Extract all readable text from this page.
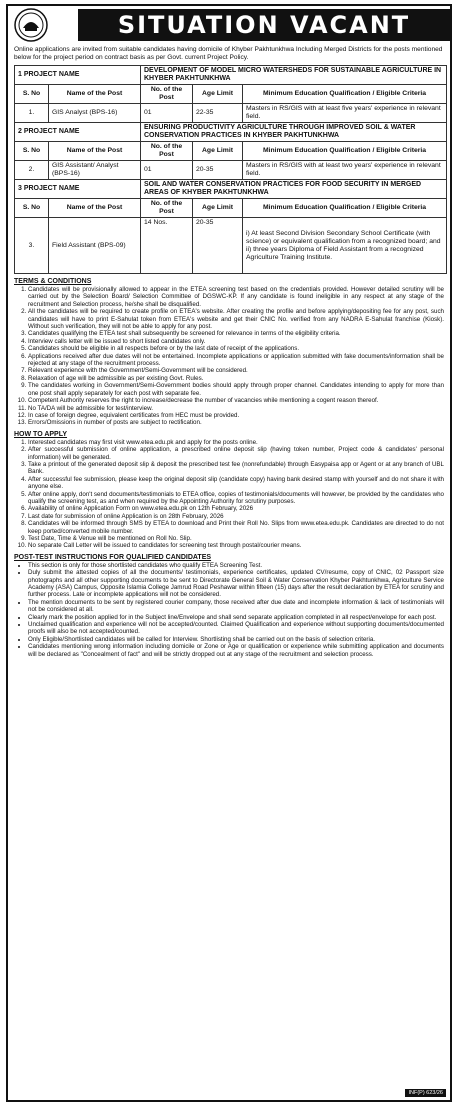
SITUATION VACANT
Online applications are invited from suitable candidates having domicile of Khyber Pakhtunkhwa Including Merged Districts for the posts mentioned below for the project period on contract basis as per Govt. current Project Policy.
1 PROJECT NAME		DEVELOPMENT OF MODEL MICRO WATERSHEDS FOR SUSTAINABLE AGRICULTURE IN KHYBER PAKHTUNKHWA		
S. No	Name of the Post	No. of the Post	Age Limit	Minimum Education Qualification / Eligible Criteria
1.	GIS Analyst (BPS-16)	01	22-35	Masters in RS/GIS with at least five years' experience in relevant field.
2 PROJECT NAME		ENSURING PRODUCTIVITY AGRICULTURE THROUGH IMPROVED SOIL & WATER CONSERVATION PRACTICES IN KHYBER PAKHTUNKHWA		
S. No	Name of the Post	No. of the Post	Age Limit	Minimum Education Qualification / Eligible Criteria
2.	GIS Assistant/ Analyst (BPS-16)	01	20-35	Masters in RS/GIS with at least two years' experience in relevant field.
3 PROJECT NAME		SOIL AND WATER CONSERVATION PRACTICES FOR FOOD SECURITY IN MERGED AREAS OF KHYBER PAKHTUNKHWA		
S. No	Name of the Post	No. of the Post	Age Limit	Minimum Education Qualification / Eligible Criteria
3.	Field Assistant (BPS-09)	14 Nos.	20-35	i) At least Second Division Secondary School Certificate (with science) or equivalent qualification from a recognized board; and
ii) three years Diploma of Field Assistant from a recognized Agriculture Training Institute.
TERMS & CONDITIONS
1. Candidates will be provisionally allowed to appear in the ETEA screening test based on the credentials provided. However detailed scrutiny will be carried out by the Selection Board/ Selection Committee of DGSWC-KP. If any candidate is found ineligible in any respect at any stage of the recruitment and Selection process, he/she shall be disqualified.
2. All the candidates will be required to create profile on ETEA's website. After creating the profile and before applying/depositing fee for any post, such candidates will have to print E-Sahulat token from ETEA's website and get their CNIC No. verified from any NADRA E-Sahulat franchise (Kiosk). Without such verification, they will not be able to apply for any post.
3. Candidates qualifying the ETEA test shall subsequently be screened for relevance in terms of the eligibility criteria.
4. Interview calls letter will be issued to short listed candidates only.
5. Candidates should be eligible in all respects before or by the last date of receipt of the applications.
6. Applications received after due dates will not be entertained. Incomplete applications or application submitted with fake documents/information shall be rejected at any stage of the recruitment process.
7. Relevant experience with the Government/Semi-Government will be considered.
8. Relaxation of age will be admissible as per existing Govt. Rules.
9. The candidates working in Government/Semi-Government bodies should apply through proper channel. Candidates intending to apply for more than one post shall apply separately for each post with separate fee.
10. Competent Authority reserves the right to increase/decrease the number of vacancies while mentioning a cogent reason thereof.
11. No TA/DA will be admissible for test/interview.
12. In case of foreign degree, equivalent certificates from HEC must be provided.
13. Errors/Omissions in number of posts are subject to rectification.
HOW TO APPLY
1. Interested candidates may first visit www.etea.edu.pk and apply for the posts online.
2. After successful submission of online application, a prescribed online deposit slip (having token number, Project code & candidates' personal information) will be generated.
3. Take a printout of the generated deposit slip & deposit the prescribed test fee (nonrefundable) through Easypaisa app or Agent or at any branch of UBL Bank.
4. After successful fee submission, please keep the original deposit slip (candidate copy) having bank desired stamp with yourself and do not share it with anyone else.
5. After online apply, don't send documents/testimonials to ETEA office, copies of testimonials/documents will however, be provided by the candidates who qualify the screening test, as and when required by the Appointing Authority for scrutiny purposes.
6. Availability of online Application Form on www.etea.edu.pk on 12th February, 2026
7. Last date for submission of online Application is on 28th February, 2026
8. Candidates will be informed through SMS by ETEA to download and Print their Roll No. Slips from www.etea.edu.pk. Candidates are directed to do not keep ported/converted mobile number.
9. Test Date, Time & Venue will be mentioned on Roll No. Slip.
10. No separate Call Letter will be issued to candidates for screening test through postal/courier means.
POST-TEST INSTRUCTIONS FOR QUALIFIED CANDIDATES
• This section is only for those shortlisted candidates who qualify ETEA Screening Test.
• Duly submit the attested copies of all the documents/ testimonials, experience certificates, updated CV/resume, copy of CNIC, 02 Passport size photographs and all other supporting documents to be sent to Directorate General Soil & Water Conservation Khyber Pakhtunkhwa, Agriculture Service Academy (ASA) Campus, Opposite Islamia College Jamrud Road Peshawar within fifteen (15) days after the result declaration by ETEA for scrutiny and further process. Late or incomplete applications will not be considered.
• The mention documents to be sent by registered courier company, those received after due date and incomplete information & lack of testimonials will not be considered at all.
• Clearly mark the position applied for in the Subject line/Envelope and shall send separate application completed in all respect/envelope for each post.
• Unclaimed qualification and experience will not be accepted/counted. Claimed Qualification and experience without supporting documents/documented proofs will also be not accepted/counted.
• Only Eligible/Shortlisted candidates will be called for Interview. Shortlisting shall be carried out on the basis of selection criteria.
• Candidates mentioning wrong information including domicile or Zone or Age or qualification or experience while submitting application and documents will be declared as "Concealment of fact" and will be strictly dropped out at any stage of the recruitment and selection process.
INF(P) 623/26
